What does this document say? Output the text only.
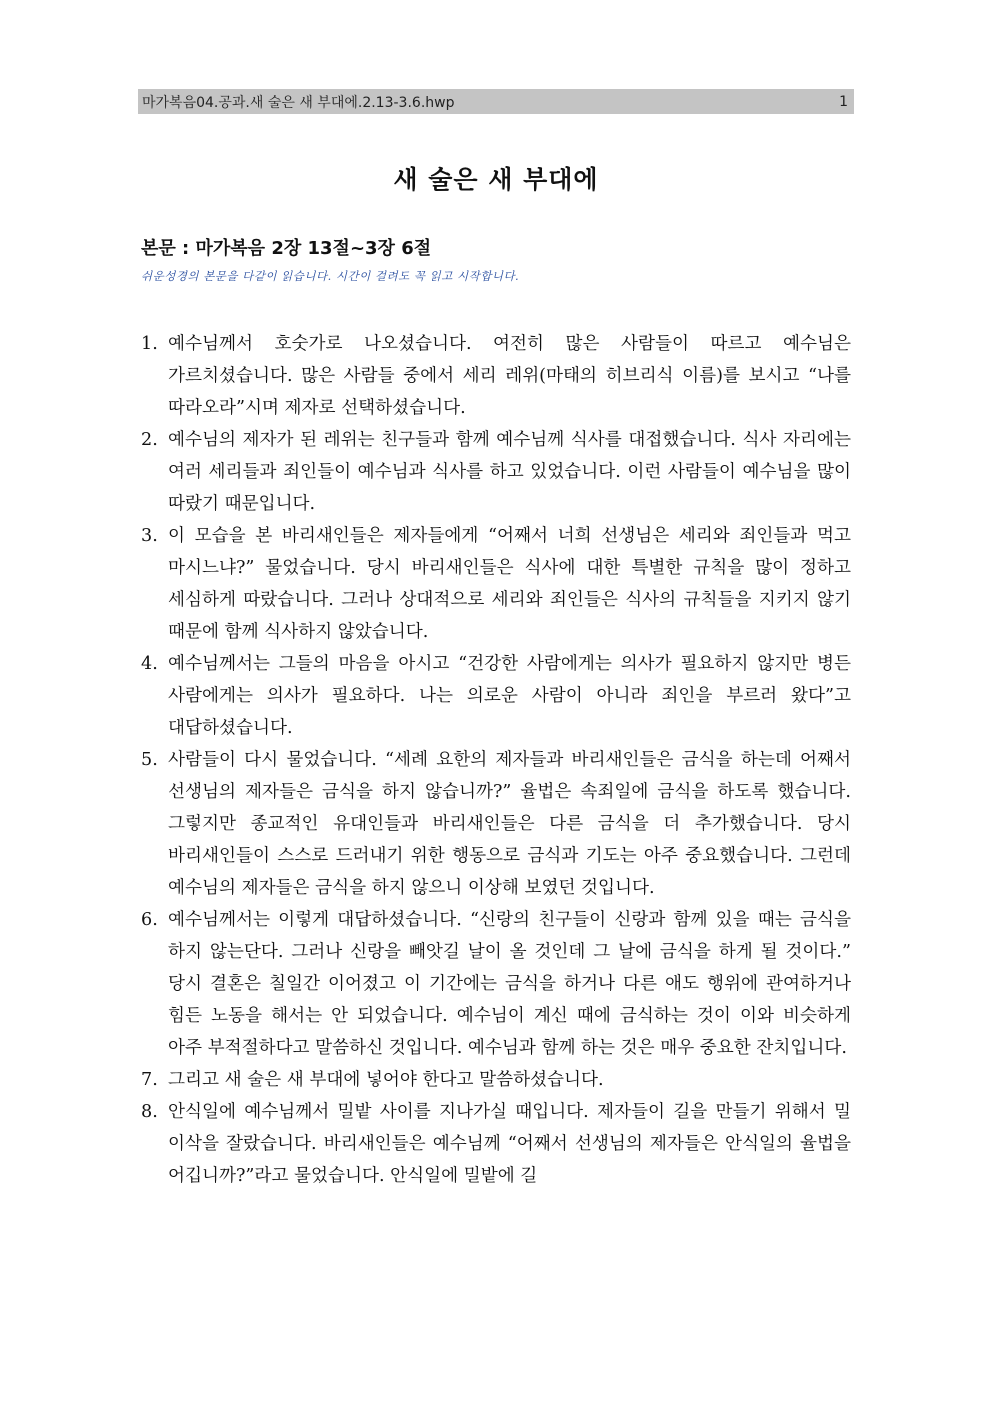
마가복음04.공과.새 술은 새 부대에.2.13-3.6.hwp	1
새 술은 새 부대에

본문 : 마가복음 2장 13절~3장 6절

쉬운성경의 본문을 다같이 읽습니다. 시간이 걸려도 꼭 읽고 시작합니다.

1. 예수님께서 호숫가로 나오셨습니다. 여전히 많은 사람들이 따르고 예수님은 가르치셨습니다. 많은 사람들 중에서 세리 레위(마태의 히브리식 이름)를 보시고 “나를 따라오라”시며 제자로 선택하셨습니다.
2. 예수님의 제자가 된 레위는 친구들과 함께 예수님께 식사를 대접했습니다. 식사 자리에는 여러 세리들과 죄인들이 예수님과 식사를 하고 있었습니다. 이런 사람들이 예수님을 많이 따랐기 때문입니다.
3. 이 모습을 본 바리새인들은 제자들에게 “어째서 너희 선생님은 세리와 죄인들과 먹고 마시느냐?” 물었습니다. 당시 바리새인들은 식사에 대한 특별한 규칙을 많이 정하고 세심하게 따랐습니다. 그러나 상대적으로 세리와 죄인들은 식사의 규칙들을 지키지 않기 때문에 함께 식사하지 않았습니다.
4. 예수님께서는 그들의 마음을 아시고 “건강한 사람에게는 의사가 필요하지 않지만 병든 사람에게는 의사가 필요하다. 나는 의로운 사람이 아니라 죄인을 부르러 왔다”고 대답하셨습니다.
5. 사람들이 다시 물었습니다. “세례 요한의 제자들과 바리새인들은 금식을 하는데 어째서 선생님의 제자들은 금식을 하지 않습니까?” 율법은 속죄일에 금식을 하도록 했습니다. 그렇지만 종교적인 유대인들과 바리새인들은 다른 금식을 더 추가했습니다. 당시 바리새인들이 스스로 드러내기 위한 행동으로 금식과 기도는 아주 중요했습니다. 그런데 예수님의 제자들은 금식을 하지 않으니 이상해 보였던 것입니다.
6. 예수님께서는 이렇게 대답하셨습니다. “신랑의 친구들이 신랑과 함께 있을 때는 금식을 하지 않는단다. 그러나 신랑을 빼앗길 날이 올 것인데 그 날에 금식을 하게 될 것이다.” 당시 결혼은 칠일간 이어졌고 이 기간에는 금식을 하거나 다른 애도 행위에 관여하거나 힘든 노동을 해서는 안 되었습니다. 예수님이 계신 때에 금식하는 것이 이와 비슷하게 아주 부적절하다고 말씀하신 것입니다. 예수님과 함께 하는 것은 매우 중요한 잔치입니다.
7. 그리고 새 술은 새 부대에 넣어야 한다고 말씀하셨습니다.
8. 안식일에 예수님께서 밀밭 사이를 지나가실 때입니다. 제자들이 길을 만들기 위해서 밀 이삭을 잘랐습니다. 바리새인들은 예수님께 “어째서 선생님의 제자들은 안식일의 율법을 어깁니까?”라고 물었습니다. 안식일에 밀밭에 길
